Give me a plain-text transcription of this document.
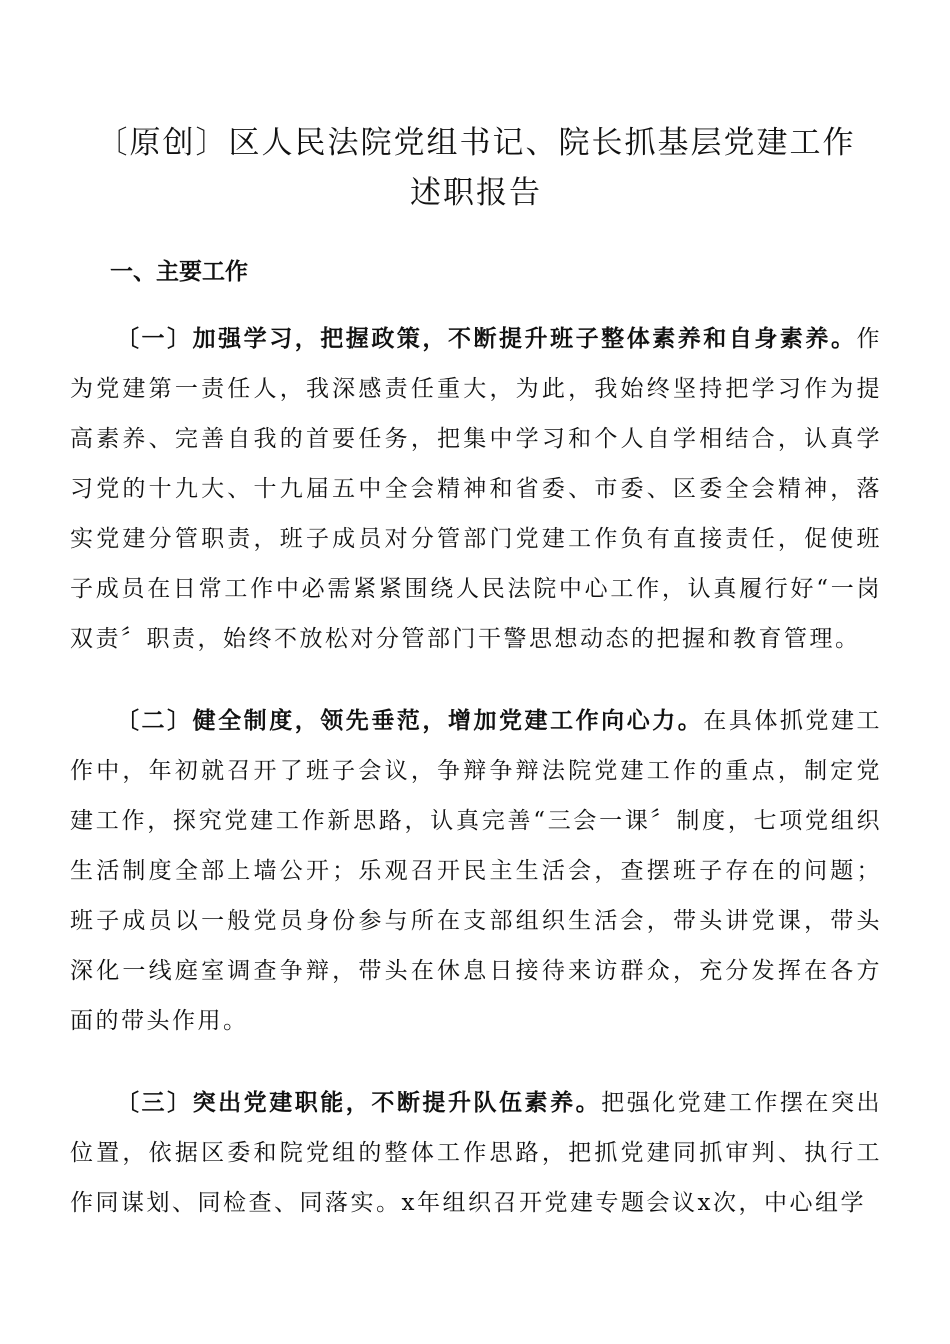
〔原创〕区人民法院党组书记、院长抓基层党建工作
述职报告
一、主要工作

〔一〕加强学习，把握政策，不断提升班子整体素养和自身素养。作为党建第一责任人，我深感责任重大，为此，我始终坚持把学习作为提高素养、完善自我的首要任务，把集中学习和个人自学相结合，认真学习党的十九大、十九届五中全会精神和省委、市委、区委全会精神，落实党建分管职责，班子成员对分管部门党建工作负有直接责任，促使班子成员在日常工作中必需紧紧围绕人民法院中心工作，认真履行好“一岗双责〞职责，始终不放松对分管部门干警思想动态的把握和教育管理。

〔二〕健全制度，领先垂范，增加党建工作向心力。在具体抓党建工作中，年初就召开了班子会议，争辩争辩法院党建工作的重点，制定党建工作，探究党建工作新思路，认真完善“三会一课〞制度，七项党组织生活制度全部上墙公开；乐观召开民主生活会，查摆班子存在的问题；班子成员以一般党员身份参与所在支部组织生活会，带头讲党课，带头深化一线庭室调查争辩，带头在休息日接待来访群众，充分发挥在各方面的带头作用。

〔三〕突出党建职能，不断提升队伍素养。把强化党建工作摆在突出位置，依据区委和院党组的整体工作思路，把抓党建同抓审判、执行工作同谋划、同检查、同落实。x年组织召开党建专题会议x次，中心组学
